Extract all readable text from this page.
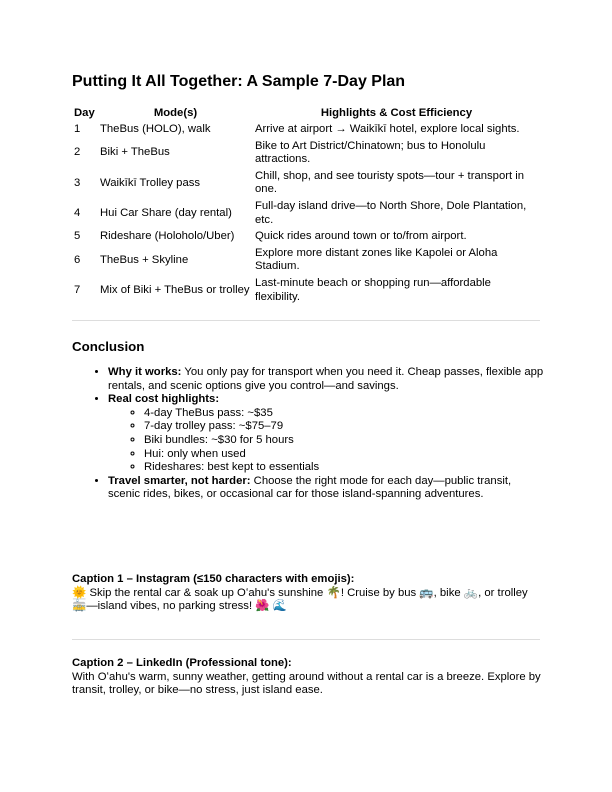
Putting It All Together: A Sample 7-Day Plan
Day	Mode(s)	Highlights & Cost Efficiency
1	TheBus (HOLO), walk	Arrive at airport → Waikīkī hotel, explore local sights.
2	Biki + TheBus	Bike to Art District/Chinatown; bus to Honolulu attractions.
3	Waikīkī Trolley pass	Chill, shop, and see touristy spots—tour + transport in one.
4	Hui Car Share (day rental)	Full-day island drive—to North Shore, Dole Plantation, etc.
5	Rideshare (Holoholo/Uber)	Quick rides around town or to/from airport.
6	TheBus + Skyline	Explore more distant zones like Kapolei or Aloha Stadium.
7	Mix of Biki + TheBus or trolley	Last-minute beach or shopping run—affordable flexibility.
Conclusion
• Why it works: You only pay for transport when you need it. Cheap passes, flexible app rentals, and scenic options give you control—and savings.
• Real cost highlights:
◦ 4-day TheBus pass: ~$35
◦ 7-day trolley pass: ~$75–79
◦ Biki bundles: ~$30 for 5 hours
◦ Hui: only when used
◦ Rideshares: best kept to essentials
• Travel smarter, not harder: Choose the right mode for each day—public transit, scenic rides, bikes, or occasional car for those island-spanning adventures.
Caption 1 – Instagram (≤150 characters with emojis):
🌞 Skip the rental car & soak up Oʻahu's sunshine 🌴! Cruise by bus 🚌, bike 🚲, or trolley 🚋—island vibes, no parking stress! 🌺 🌊
Caption 2 – LinkedIn (Professional tone):
With Oʻahu's warm, sunny weather, getting around without a rental car is a breeze. Explore by transit, trolley, or bike—no stress, just island ease.
